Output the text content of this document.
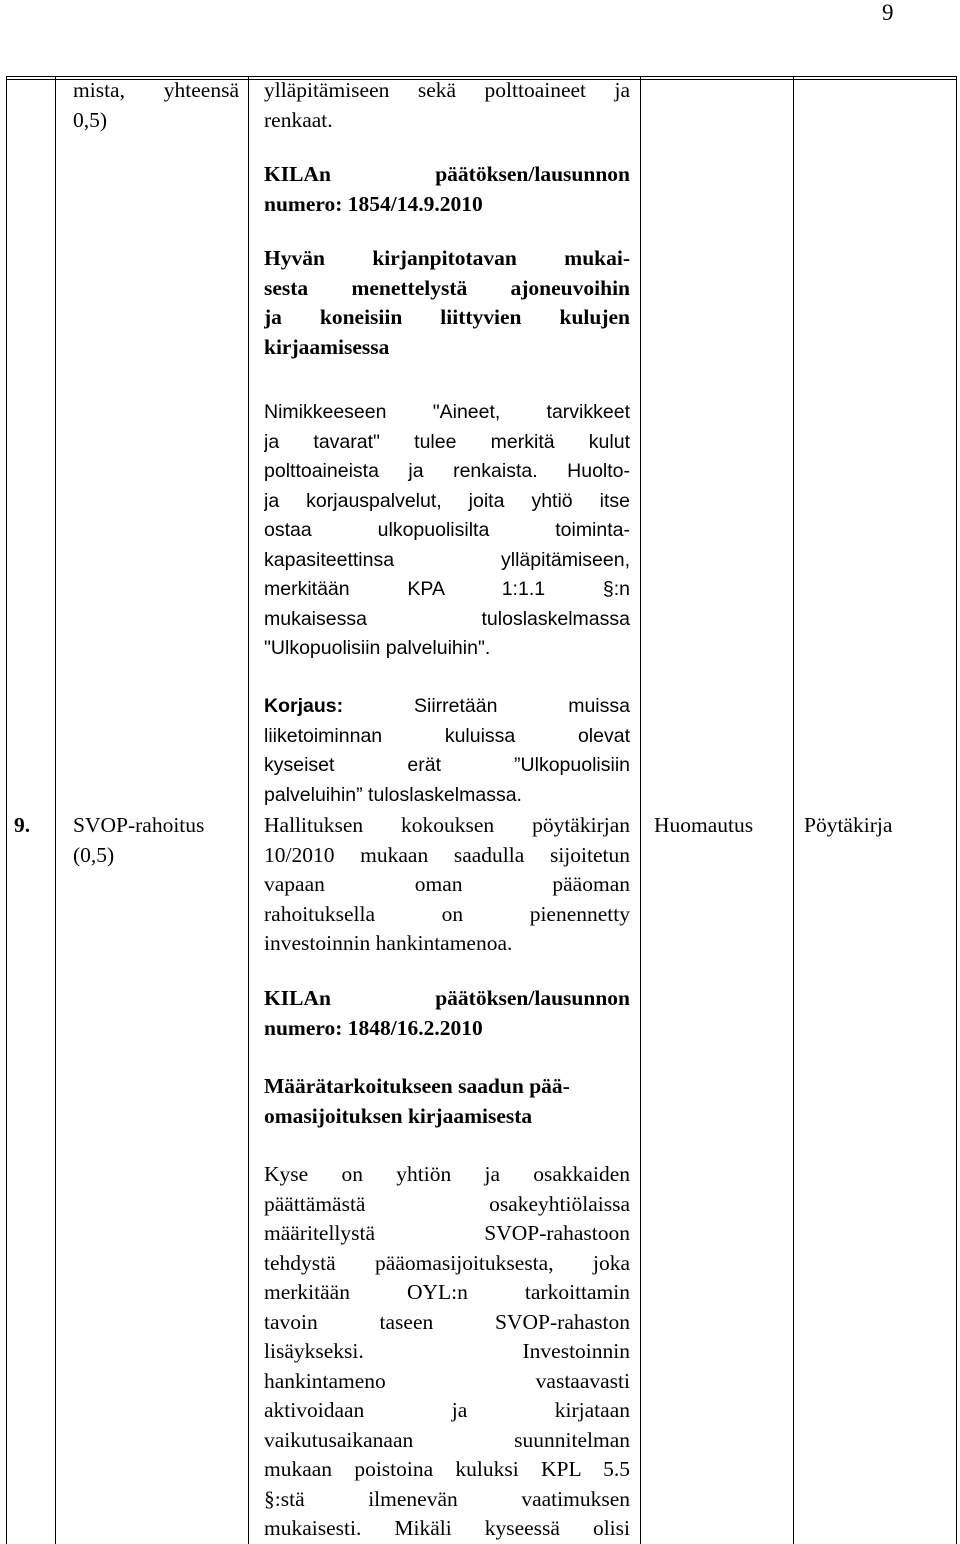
9
mista, yhteensä
0,5)
ylläpitämiseen sekä polttoaineet ja
renkaat.
KILAn päätöksen/lausunnon
numero: 1854/14.9.2010
Hyvän kirjanpitotavan mukai-
sesta menettelystä ajoneuvoihin
ja koneisiin liittyvien kulujen
kirjaamisessa
Nimikkeeseen "Aineet, tarvikkeet
ja tavarat" tulee merkitä kulut
polttoaineista ja renkaista. Huolto-
ja korjauspalvelut, joita yhtiö itse
ostaa ulkopuolisilta toiminta-
kapasiteettinsa ylläpitämiseen,
merkitään KPA 1:1.1 §:n
mukaisessa tuloslaskelmassa
"Ulkopuolisiin palveluihin".
Korjaus:	Siirretään	muissa
liiketoiminnan kuluissa olevat
kyseiset erät ”Ulkopuolisiin
palveluihin” tuloslaskelmassa.
Hallituksen kokouksen pöytäkirjan
10/2010 mukaan saadulla sijoitetun
vapaan oman pääoman
rahoituksella on pienennetty
investoinnin hankintamenoa.
KILAn päätöksen/lausunnon
numero: 1848/16.2.2010
Määrätarkoitukseen saadun pää-
omasijoituksen kirjaamisesta
Kyse on yhtiön ja osakkaiden
päättämästä osakeyhtiölaissa
määritellystä SVOP-rahastoon
tehdystä pääomasijoituksesta, joka
merkitään OYL:n tarkoittamin
tavoin taseen SVOP-rahaston
lisäykseksi. Investoinnin
hankintameno vastaavasti
aktivoidaan ja kirjataan
vaikutusaikanaan suunnitelman
mukaan poistoina kuluksi KPL 5.5
§:stä ilmenevän vaatimuksen
mukaisesti. Mikäli kyseessä olisi
9. SVOP-rahoitus
(0,5)
Huomautus Pöytäkirja
